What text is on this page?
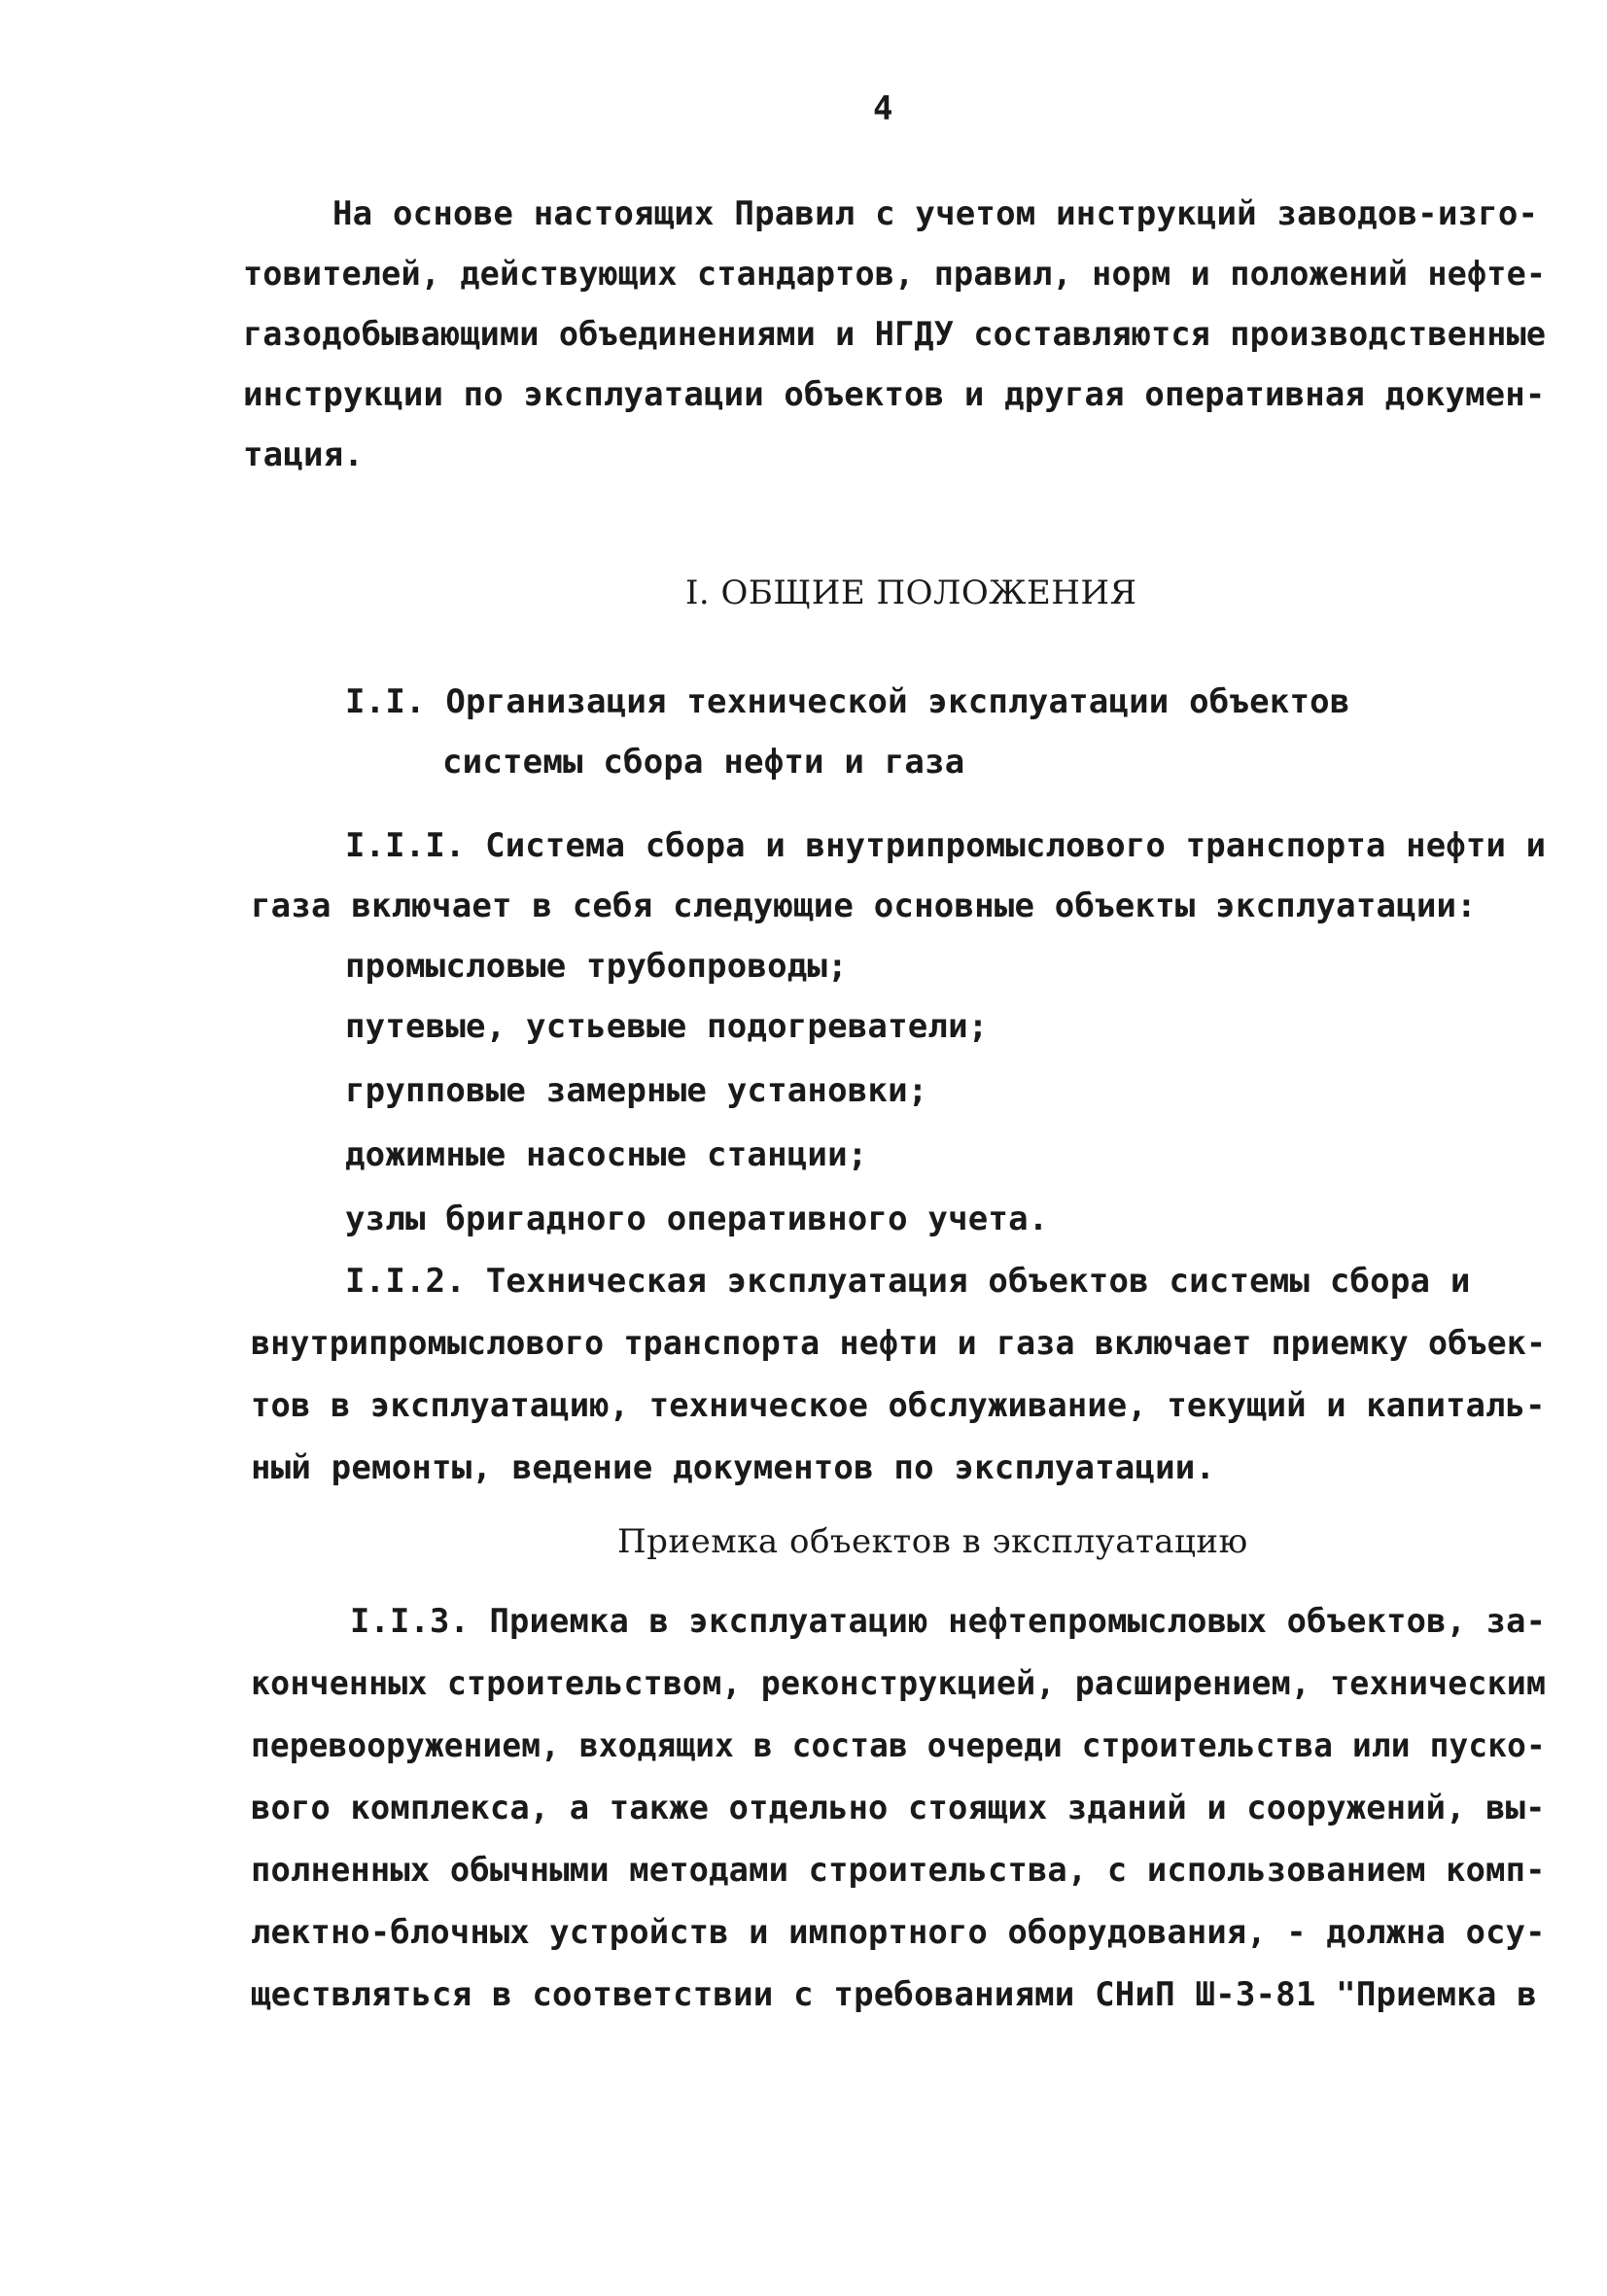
4
На основе настоящих Правил с учетом инструкций заводов-изго-
товителей, действующих стандартов, правил, норм и положений нефте-
газодобывающими объединениями и НГДУ составляются производственные
инструкции по эксплуатации объектов и другая оперативная докумен-
тация.
I. ОБЩИЕ ПОЛОЖЕНИЯ
I.I. Организация технической эксплуатации объектов
системы сбора нефти и газа
I.I.I. Система сбора и внутрипромыслового транспорта нефти и
газа включает в себя следующие основные объекты эксплуатации:
промысловые трубопроводы;
путевые, устьевые подогреватели;
групповые замерные установки;
дожимные насосные станции;
узлы бригадного оперативного учета.
I.I.2. Техническая эксплуатация объектов системы сбора и
внутрипромыслового транспорта нефти и газа включает приемку объек-
тов в эксплуатацию, техническое обслуживание, текущий и капиталь-
ный ремонты, ведение документов по эксплуатации.
Приемка объектов в эксплуатацию
I.I.3. Приемка в эксплуатацию нефтепромысловых объектов, за-
конченных строительством, реконструкцией, расширением, техническим
перевооружением, входящих в состав очереди строительства или пуско-
вого комплекса, а также отдельно стоящих зданий и сооружений, вы-
полненных обычными методами строительства, с использованием комп-
лектно-блочных устройств и импортного оборудования, - должна осу-
ществляться в соответствии с требованиями СНиП Ш-3-81 "Приемка в
